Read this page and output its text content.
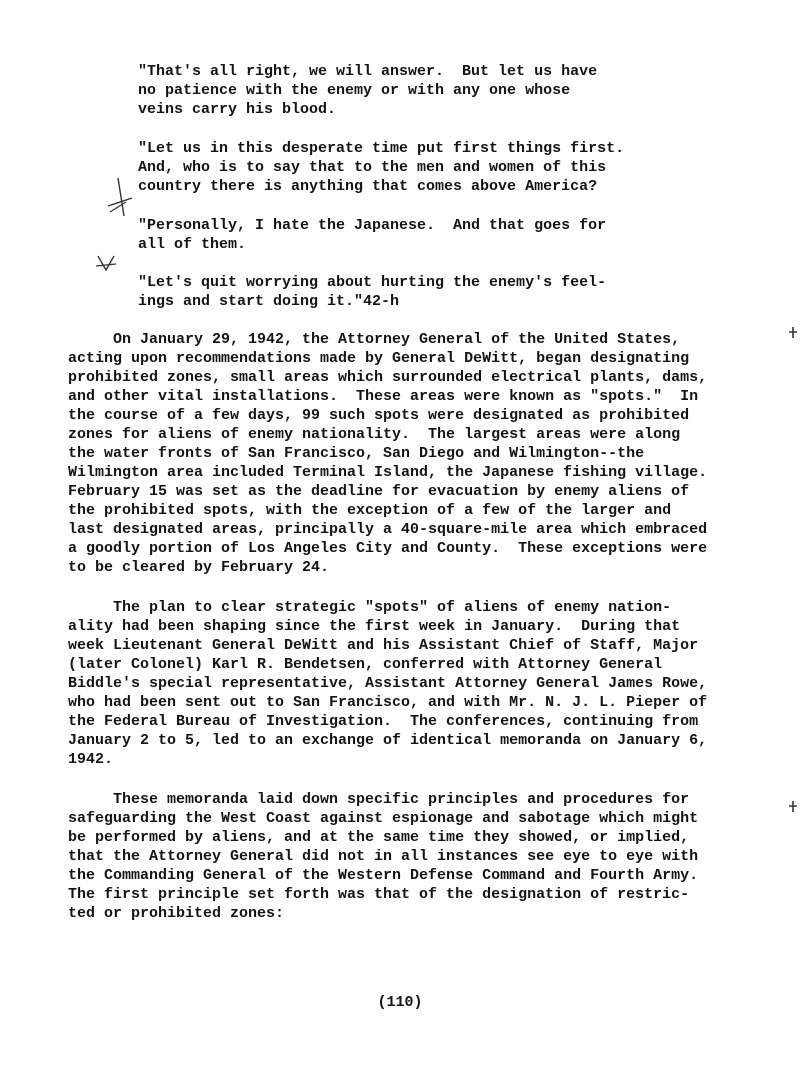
"That's all right, we will answer.  But let us have
no patience with the enemy or with any one whose
veins carry his blood.
"Let us in this desperate time put first things first.
And, who is to say that to the men and women of this
country there is anything that comes above America?
"Personally, I hate the Japanese.  And that goes for
all of them.
"Let's quit worrying about hurting the enemy's feel-
ings and start doing it."42-h
On January 29, 1942, the Attorney General of the United States,
acting upon recommendations made by General DeWitt, began designating
prohibited zones, small areas which surrounded electrical plants, dams,
and other vital installations.  These areas were known as "spots."  In
the course of a few days, 99 such spots were designated as prohibited
zones for aliens of enemy nationality.  The largest areas were along
the water fronts of San Francisco, San Diego and Wilmington--the
Wilmington area included Terminal Island, the Japanese fishing village.
February 15 was set as the deadline for evacuation by enemy aliens of
the prohibited spots, with the exception of a few of the larger and
last designated areas, principally a 40-square-mile area which embraced
a goodly portion of Los Angeles City and County.  These exceptions were
to be cleared by February 24.
The plan to clear strategic "spots" of aliens of enemy nation-
ality had been shaping since the first week in January.  During that
week Lieutenant General DeWitt and his Assistant Chief of Staff, Major
(later Colonel) Karl R. Bendetsen, conferred with Attorney General
Biddle's special representative, Assistant Attorney General James Rowe,
who had been sent out to San Francisco, and with Mr. N. J. L. Pieper of
the Federal Bureau of Investigation.  The conferences, continuing from
January 2 to 5, led to an exchange of identical memoranda on January 6,
1942.
These memoranda laid down specific principles and procedures for
safeguarding the West Coast against espionage and sabotage which might
be performed by aliens, and at the same time they showed, or implied,
that the Attorney General did not in all instances see eye to eye with
the Commanding General of the Western Defense Command and Fourth Army.
The first principle set forth was that of the designation of restric-
ted or prohibited zones:
(110)
